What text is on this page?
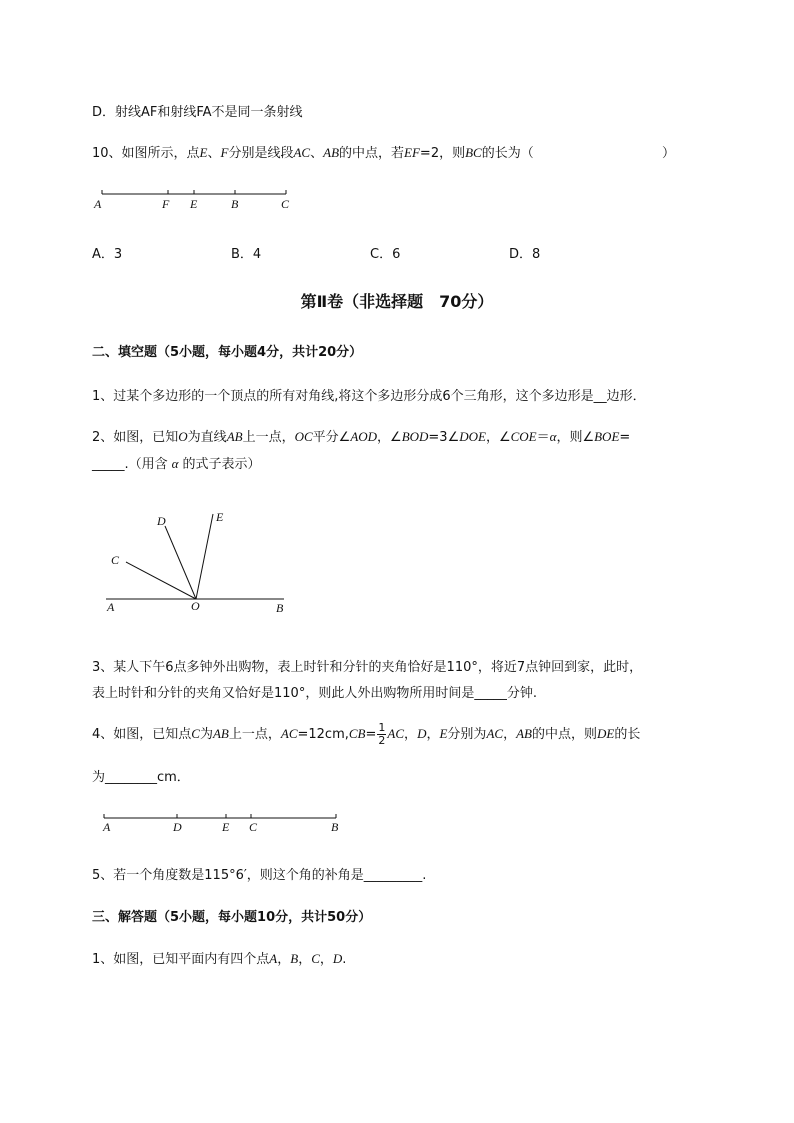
D．射线AF和射线FA不是同一条射线
10、如图所示，点E、F分别是线段AC、AB的中点，若EF=2，则BC的长为（	）
A	F E	B	C
A．3	B．4	C．6	D．8
第Ⅱ卷（非选择题　70分）
二、填空题（5小题，每小题4分，共计20分）
1、过某个多边形的一个顶点的所有对角线,将这个多边形分成6个三角形，这个多边形是__边形．
2、如图，已知O为直线AB上一点，OC平分∠AOD，∠BOD=3∠DOE，∠COE＝α，则∠BOE=
_____.（用含 α 的式子表示）
D	E
C
A	O	B
3、某人下午6点多钟外出购物，表上时针和分针的夹角恰好是110°，将近7点钟回到家，此时，
表上时针和分针的夹角又恰好是110°，则此人外出购物所用时间是_____分钟.
4、如图，已知点C为AB上一点，$AC=12cm,CB= \frac{1}{2}$ AC，D，E分别为AC，AB的中点，则DE的长
为________cm．
A	D	E C	B
5、若一个角度数是115°6′，则这个角的补角是_________.
三、解答题（5小题，每小题10分，共计50分）
1、如图，已知平面内有四个点A，B，C，D.
